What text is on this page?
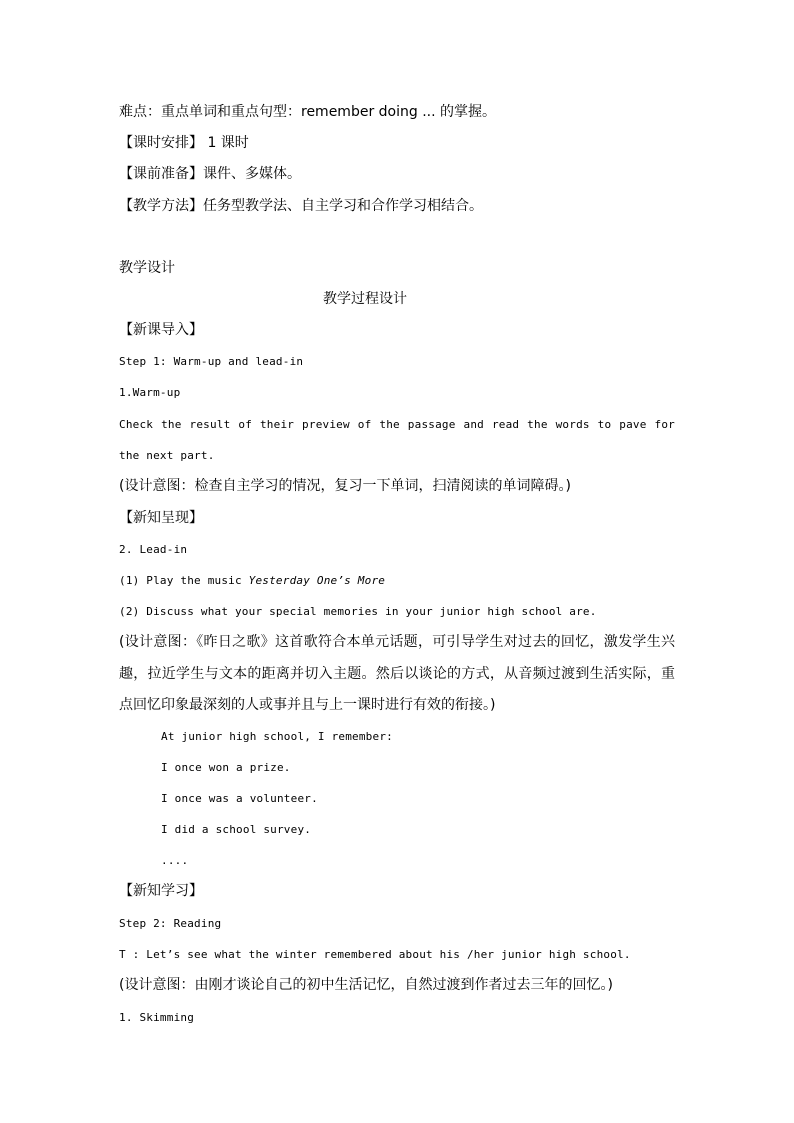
难点：重点单词和重点句型：remember doing ... 的掌握。
【课时安排】 1 课时
【课前准备】课件、多媒体。
【教学方法】任务型教学法、自主学习和合作学习相结合。
教学设计
教学过程设计
【新课导入】
Step 1: Warm-up and lead-in
1.Warm-up
Check the result of their preview of the passage and read the words to pave for
the next part.
(设计意图：检查自主学习的情况，复习一下单词，扫清阅读的单词障碍。)
【新知呈现】
2. Lead-in
(1) Play the music Yesterday One’s More
(2) Discuss what your special memories in your junior high school are.
(设计意图：《昨日之歌》这首歌符合本单元话题，可引导学生对过去的回忆，激发学生兴
趣，拉近学生与文本的距离并切入主题。然后以谈论的方式，从音频过渡到生活实际，重
点回忆印象最深刻的人或事并且与上一课时进行有效的衔接。)
At junior high school, I remember:
I once won a prize.
I once was a volunteer.
I did a school survey.
....
【新知学习】
Step 2: Reading
T : Let’s see what the winter remembered about his /her junior high school.
(设计意图：由刚才谈论自己的初中生活记忆，自然过渡到作者过去三年的回忆。)
1. Skimming
